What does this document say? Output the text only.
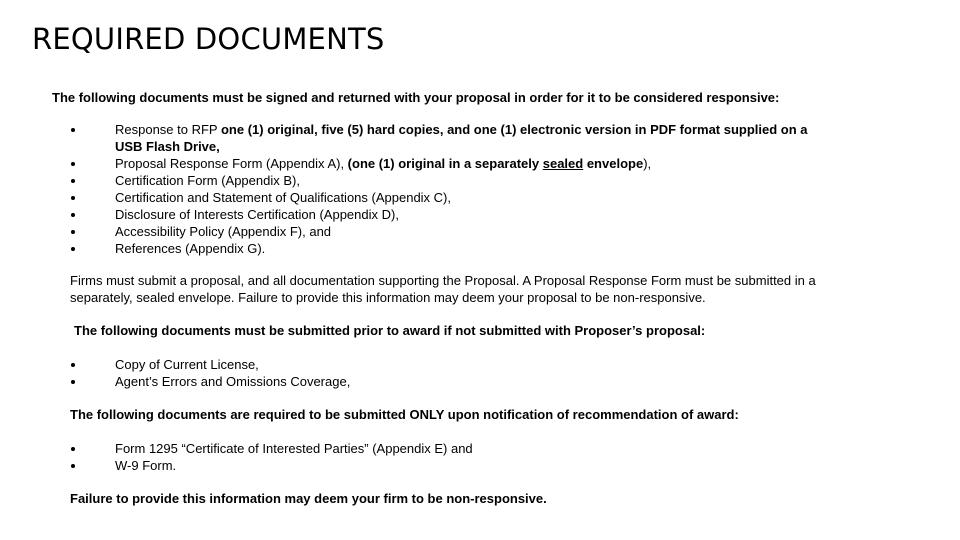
REQUIRED DOCUMENTS
The following documents must be signed and returned with your proposal in order for it to be considered responsive:
Response to RFP one (1) original, five (5) hard copies, and one (1) electronic version in PDF format supplied on a
USB Flash Drive,
Proposal Response Form (Appendix A), (one (1) original in a separately sealed envelope),
Certification Form (Appendix B),
Certification and Statement of Qualifications (Appendix C),
Disclosure of Interests Certification (Appendix D),
Accessibility Policy (Appendix F), and
References (Appendix G).
Firms must submit a proposal, and all documentation supporting the Proposal. A Proposal Response Form must be submitted in a
separately, sealed envelope. Failure to provide this information may deem your proposal to be non-responsive.
The following documents must be submitted prior to award if not submitted with Proposer’s proposal:
Copy of Current License,
Agent’s Errors and Omissions Coverage,
The following documents are required to be submitted ONLY upon notification of recommendation of award:
Form 1295 “Certificate of Interested Parties” (Appendix E) and
W-9 Form.
Failure to provide this information may deem your firm to be non-responsive.
